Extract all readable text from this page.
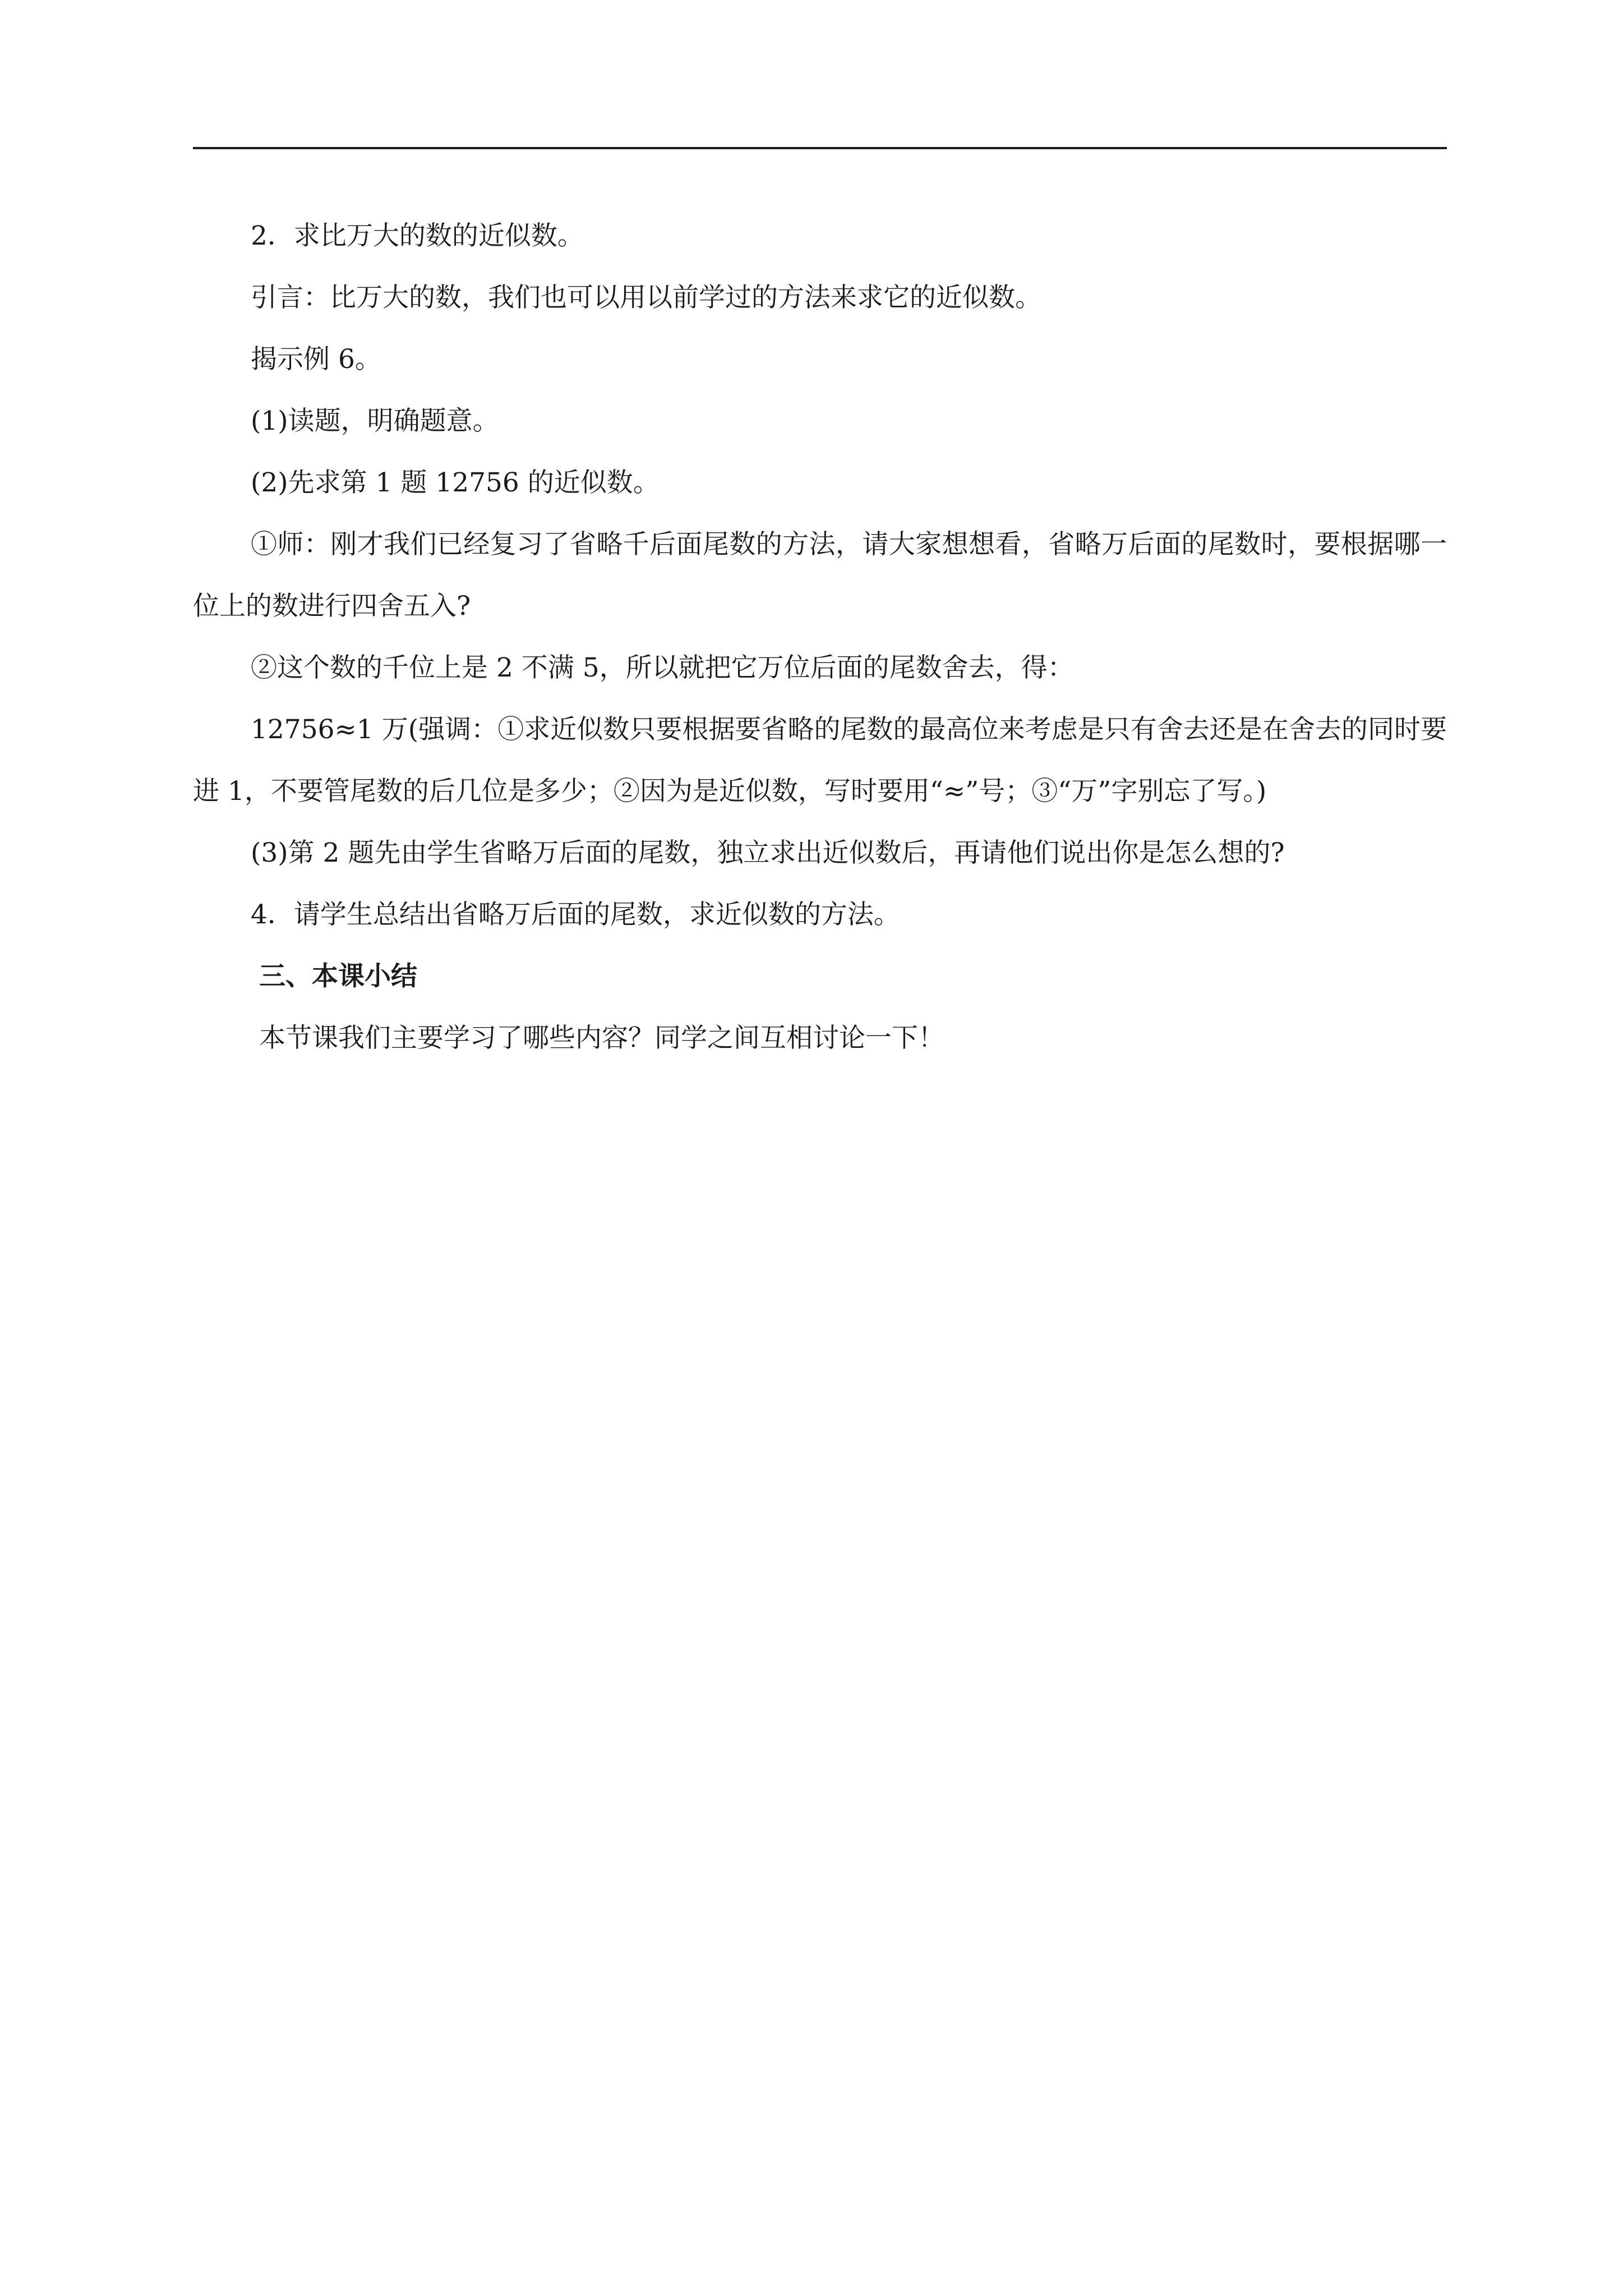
2．求比万大的数的近似数。

引言：比万大的数，我们也可以用以前学过的方法来求它的近似数。

揭示例 6。

(1)读题，明确题意。

(2)先求第 1 题 12756 的近似数。

①师：刚才我们已经复习了省略千后面尾数的方法，请大家想想看，省略万后面的尾数时，要根据哪一位上的数进行四舍五入?

②这个数的千位上是 2 不满 5，所以就把它万位后面的尾数舍去，得：

12756≈1 万(强调：①求近似数只要根据要省略的尾数的最高位来考虑是只有舍去还是在舍去的同时要进 1，不要管尾数的后几位是多少；②因为是近似数，写时要用“≈”号；③“万”字别忘了写。)

(3)第 2 题先由学生省略万后面的尾数，独立求出近似数后，再请他们说出你是怎么想的?

4．请学生总结出省略万后面的尾数，求近似数的方法。

三、本课小结

本节课我们主要学习了哪些内容？同学之间互相讨论一下！
